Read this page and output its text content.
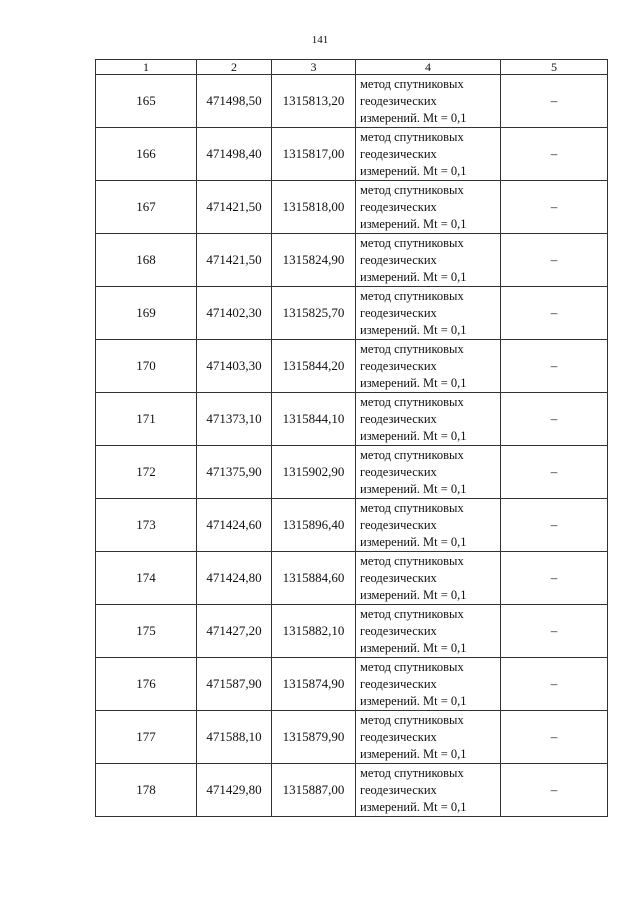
141
1	2	3	4	5
165	471498,50	1315813,20	метод спутниковых
геодезических
измерений. Mt = 0,1	–
166	471498,40	1315817,00	метод спутниковых
геодезических
измерений. Mt = 0,1	–
167	471421,50	1315818,00	метод спутниковых
геодезических
измерений. Mt = 0,1	–
168	471421,50	1315824,90	метод спутниковых
геодезических
измерений. Mt = 0,1	–
169	471402,30	1315825,70	метод спутниковых
геодезических
измерений. Mt = 0,1	–
170	471403,30	1315844,20	метод спутниковых
геодезических
измерений. Mt = 0,1	–
171	471373,10	1315844,10	метод спутниковых
геодезических
измерений. Mt = 0,1	–
172	471375,90	1315902,90	метод спутниковых
геодезических
измерений. Mt = 0,1	–
173	471424,60	1315896,40	метод спутниковых
геодезических
измерений. Mt = 0,1	–
174	471424,80	1315884,60	метод спутниковых
геодезических
измерений. Mt = 0,1	–
175	471427,20	1315882,10	метод спутниковых
геодезических
измерений. Mt = 0,1	–
176	471587,90	1315874,90	метод спутниковых
геодезических
измерений. Mt = 0,1	–
177	471588,10	1315879,90	метод спутниковых
геодезических
измерений. Mt = 0,1	–
178	471429,80	1315887,00	метод спутниковых
геодезических
измерений. Mt = 0,1	–
